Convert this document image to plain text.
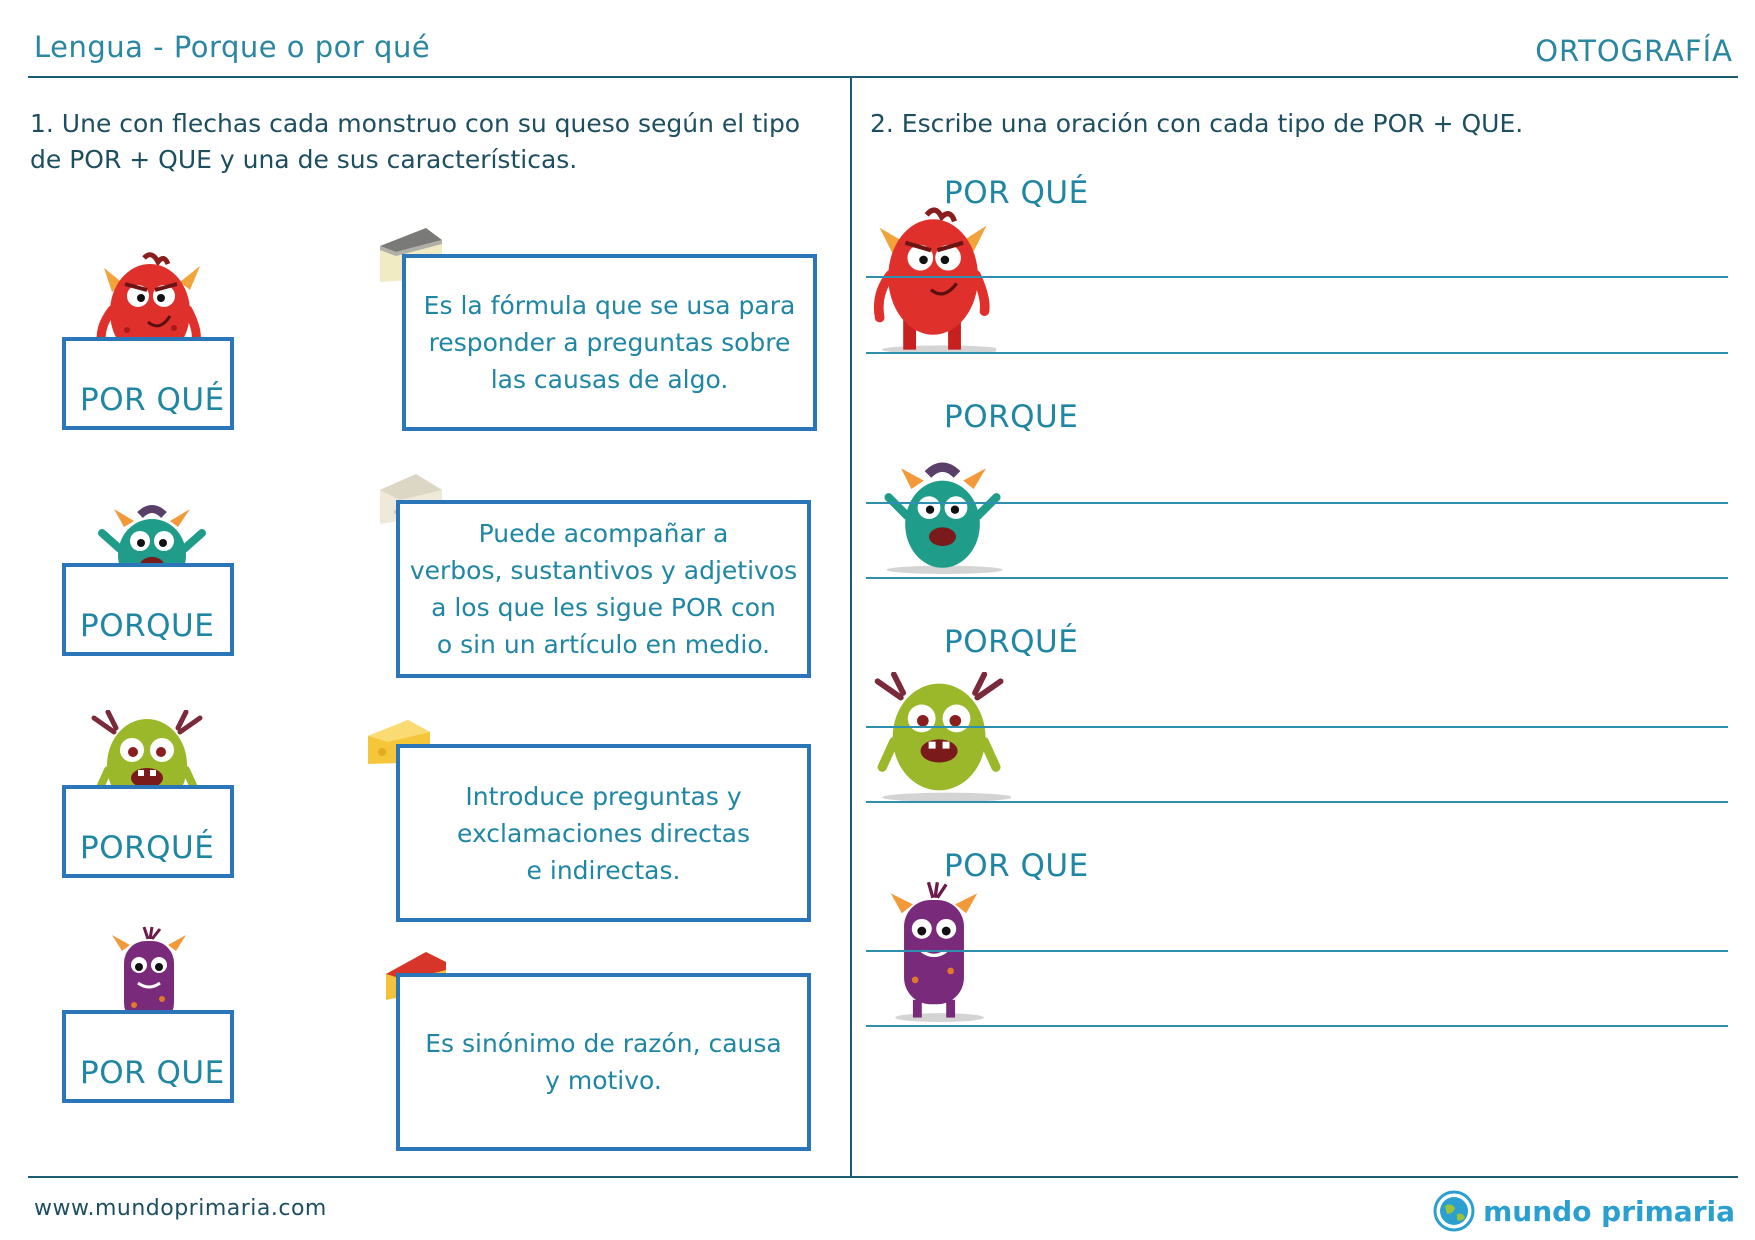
Lengua - Porque o por qué	ORTOGRAFÍA
1. Une con flechas cada monstruo con su queso según el tipo de POR + QUE y una de sus características.
POR QUÉ
PORQUE
PORQUÉ
POR QUE

Es la fórmula que se usa para
responder a preguntas sobre
las causas de algo.

Puede acompañar a
verbos, sustantivos y adjetivos
a los que les sigue POR con
o sin un artículo en medio.

Introduce preguntas y
exclamaciones directas
e indirectas.

Es sinónimo de razón, causa
y motivo.

2. Escribe una oración con cada tipo de POR + QUE.
POR QUÉ
PORQUE
PORQUÉ
POR QUE
www.mundoprimaria.com	mundo primaria
